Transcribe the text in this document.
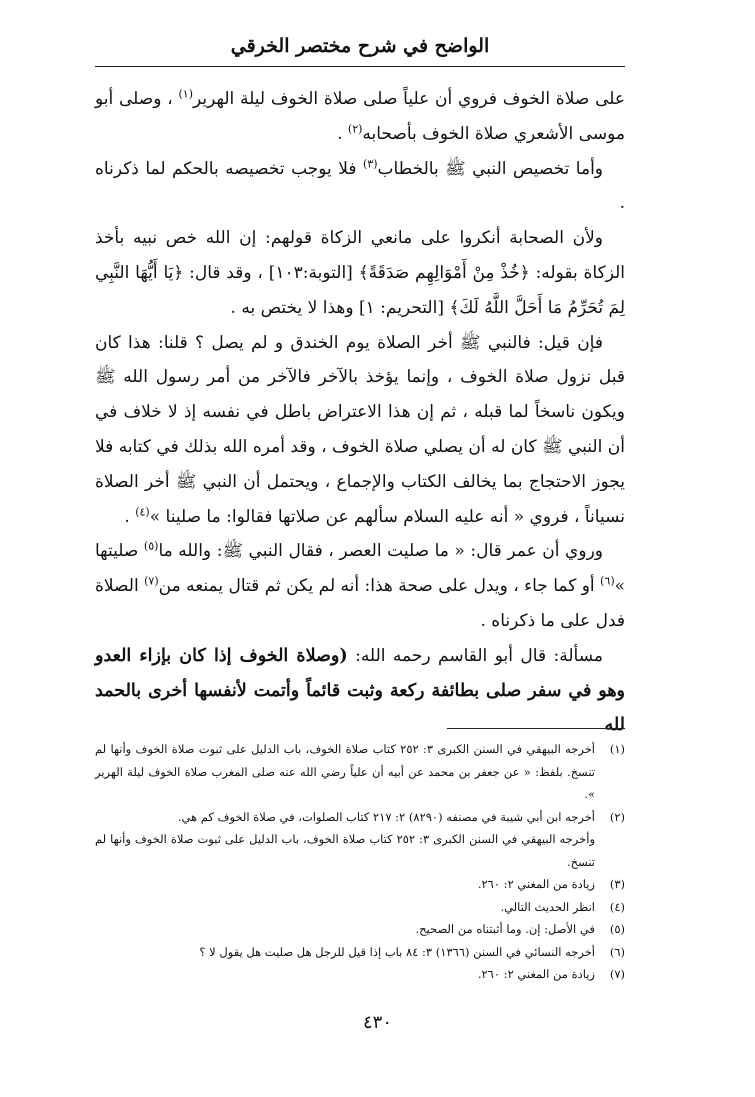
الواضح في شرح مختصر الخرقي

على صلاة الخوف فروي أن علياً صلى صلاة الخوف ليلة الهرير$^{(١)}$ ، وصلى أبو موسى الأشعري صلاة الخوف بأصحابه$^{(٢)}$ .

وأما تخصيص النبي ﷺ بالخطاب$^{(٣)}$ فلا يوجب تخصيصه بالحكم لما ذكرناه .

ولأن الصحابة أنكروا على مانعي الزكاة قولهم: إن الله خص نبيه بأخذ الزكاة بقوله: ﴿خُذْ مِنْ أَمْوَالِهِم صَدَقَةً﴾ [التوبة:١٠٣] ، وقد قال: ﴿يَا أَيُّهَا النَّبِي لِمَ تُحَرِّمُ مَا أَحَلَّ اللَّهُ لَكَ﴾ [التحريم: ١] وهذا لا يختص به .

فإن قيل: فالنبي ﷺ أخر الصلاة يوم الخندق و لم يصل ؟ قلنا: هذا كان قبل نزول صلاة الخوف ، وإنما يؤخذ بالآخر فالآخر من أمر رسول الله ﷺ ويكون ناسخاً لما قبله ، ثم إن هذا الاعتراض باطل في نفسه إذ لا خلاف في أن النبي ﷺ كان له أن يصلي صلاة الخوف ، وقد أمره الله بذلك في كتابه فلا يجوز الاحتجاج بما يخالف الكتاب والإجماع ، ويحتمل أن النبي ﷺ أخر الصلاة نسياناً ، فروي « أنه عليه السلام سألهم عن صلاتها فقالوا: ما صلينا »$^{(٤)}$ .

وروي أن عمر قال: « ما صليت العصر ، فقال النبي ﷺ: والله ما$^{(٥)}$ صليتها »$^{(٦)}$ أو كما جاء ، ويدل على صحة هذا: أنه لم يكن ثم قتال يمنعه من$^{(٧)}$ الصلاة فدل على ما ذكرناه .

مسألة: قال أبو القاسم رحمه الله: (وصلاة الخوف إذا كان بإزاء العدو وهو في سفر صلى بطائفة ركعة وثبت قائماً وأتمت لأنفسها أخرى بالحمد لله

(١)
أخرجه البيهقي في السنن الكبرى ٣: ٢٥٢ كتاب صلاة الخوف، باب الدليل على ثبوت صلاة الخوف وأنها لم تنسخ. بلفظ: « عن جعفر بن محمد عن أبيه أن علياً رضي الله عنه صلى المغرب صلاة الخوف ليلة الهرير ».
(٢)
أخرجه ابن أبي شيبة في مصنفه (٨٢٩٠) ٢: ٢١٧ كتاب الصلوات، في صلاة الخوف كم هي.
وأخرجه البيهقي في السنن الكبرى ٣: ٢٥٢ كتاب صلاة الخوف، باب الدليل على ثبوت صلاة الخوف وأنها لم تنسخ.
(٣)
زيادة من المغني ٢: ٢٦٠.
(٤)
انظر الحديث التالي.
(٥)
في الأصل: إن. وما أثبتناه من الصحيح.
(٦)
أخرجه النسائي في السنن (١٣٦٦) ٣: ٨٤ باب إذا قيل للرجل هل صليت هل يقول لا ؟
(٧)
زيادة من المغني ٢: ٢٦٠.
٤٣٠
